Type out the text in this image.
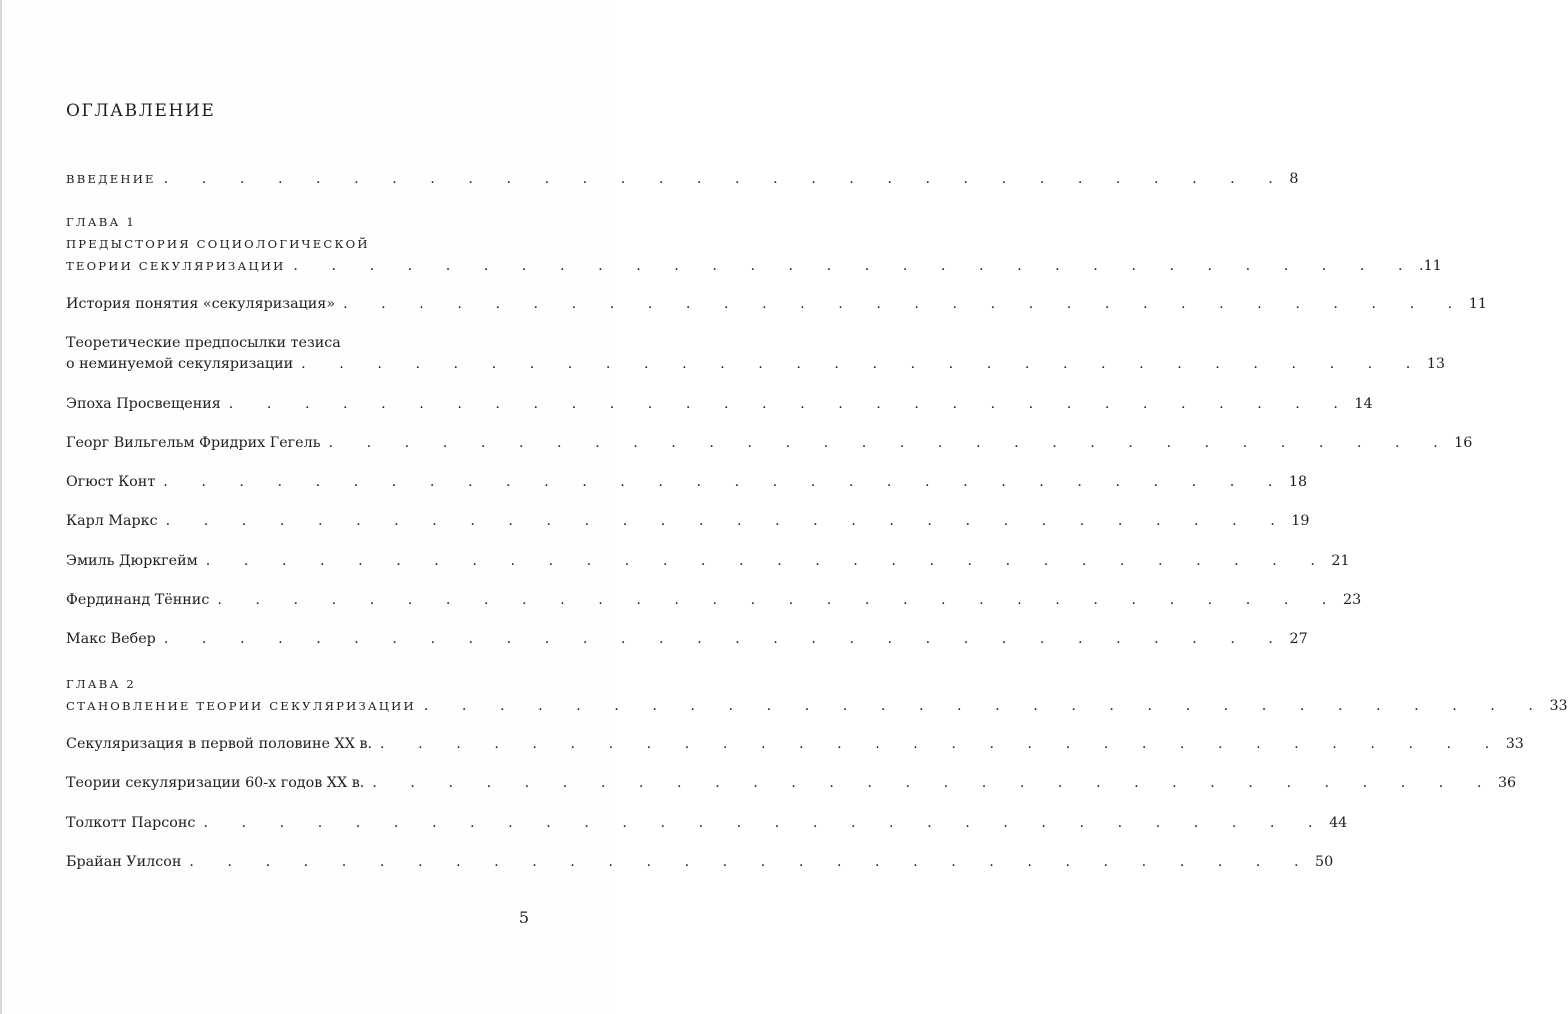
ОГЛАВЛЕНИЕ
ВВЕДЕНИЕ . . . . . . . . . . . . . . . . . . . . . . . . . . . . . . 8
ГЛАВА 1
ПРЕДЫСТОРИЯ СОЦИОЛОГИЧЕСКОЙ
ТЕОРИИ СЕКУЛЯРИЗАЦИИ . . . . . . . . . . . . . . . . . . . . . . . . . . . . . . .11
История понятия «секуляризация» . . . . . . . . . . . . . . . . . . . . . . . . . . . . . . 11
Теоретические предпосылки тезиса
о неминуемой секуляризации . . . . . . . . . . . . . . . . . . . . . . . . . . . . . . 13
Эпоха Просвещения . . . . . . . . . . . . . . . . . . . . . . . . . . . . . . 14
Георг Вильгельм Фридрих Гегель . . . . . . . . . . . . . . . . . . . . . . . . . . . . . . 16
Огюст Конт . . . . . . . . . . . . . . . . . . . . . . . . . . . . . . 18
Карл Маркс . . . . . . . . . . . . . . . . . . . . . . . . . . . . . . 19
Эмиль Дюркгейм . . . . . . . . . . . . . . . . . . . . . . . . . . . . . . 21
Фердинанд Тённис . . . . . . . . . . . . . . . . . . . . . . . . . . . . . . 23
Макс Вебер . . . . . . . . . . . . . . . . . . . . . . . . . . . . . . 27
ГЛАВА 2
СТАНОВЛЕНИЕ ТЕОРИИ СЕКУЛЯРИЗАЦИИ . . . . . . . . . . . . . . . . . . . . . . . . . . . . . . 33
Секуляризация в первой половине XX в. . . . . . . . . . . . . . . . . . . . . . . . . . . . . . . 33
Теории секуляризации 60-х годов XX в. . . . . . . . . . . . . . . . . . . . . . . . . . . . . . . 36
Толкотт Парсонс . . . . . . . . . . . . . . . . . . . . . . . . . . . . . . 44
Брайан Уилсон . . . . . . . . . . . . . . . . . . . . . . . . . . . . . . 50
5
